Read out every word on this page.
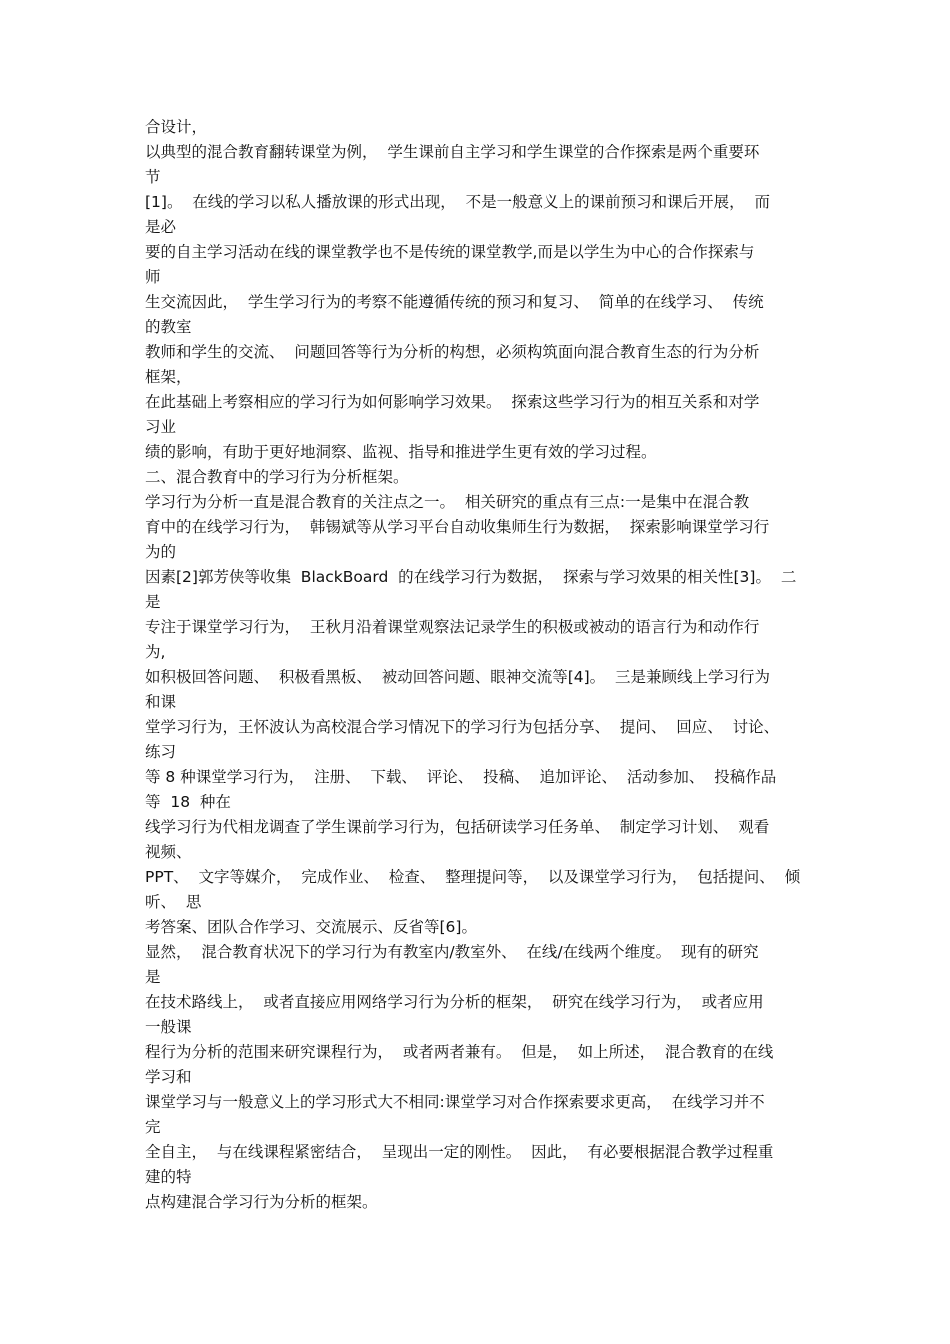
合设计，
以典型的混合教育翻转课堂为例，  学生课前自主学习和学生课堂的合作探索是两个重要环
节
[1]。  在线的学习以私人播放课的形式出现，  不是一般意义上的课前预习和课后开展，  而
是必
要的自主学习活动在线的课堂教学也不是传统的课堂教学,而是以学生为中心的合作探索与
师
生交流因此，  学生学习行为的考察不能遵循传统的预习和复习、  简单的在线学习、  传统
的教室
教师和学生的交流、  问题回答等行为分析的构想，必须构筑面向混合教育生态的行为分析
框架，
在此基础上考察相应的学习行为如何影响学习效果。  探索这些学习行为的相互关系和对学
习业
绩的影响，有助于更好地洞察、监视、指导和推进学生更有效的学习过程。
二、混合教育中的学习行为分析框架。
学习行为分析一直是混合教育的关注点之一。  相关研究的重点有三点:一是集中在混合教
育中的在线学习行为，  韩锡斌等从学习平台自动收集师生行为数据，  探索影响课堂学习行
为的
因素[2]郭芳侠等收集  BlackBoard  的在线学习行为数据，  探索与学习效果的相关性[3]。  二
是
专注于课堂学习行为，  王秋月沿着课堂观察法记录学生的积极或被动的语言行为和动作行
为,
如积极回答问题、  积极看黑板、  被动回答问题、眼神交流等[4]。  三是兼顾线上学习行为
和课
堂学习行为，王怀波认为高校混合学习情况下的学习行为包括分享、  提问、  回应、  讨论、
练习
等 8 种课堂学习行为，  注册、  下载、  评论、  投稿、  追加评论、  活动参加、  投稿作品
等  18  种在
线学习行为代相龙调查了学生课前学习行为，包括研读学习任务单、  制定学习计划、  观看
视频、
PPT、  文字等媒介，  完成作业、  检查、  整理提问等，  以及课堂学习行为，  包括提问、  倾
听、  思
考答案、团队合作学习、交流展示、反省等[6]。
显然，  混合教育状况下的学习行为有教室内/教室外、  在线/在线两个维度。  现有的研究
是
在技术路线上，  或者直接应用网络学习行为分析的框架，  研究在线学习行为，  或者应用
一般课
程行为分析的范围来研究课程行为，  或者两者兼有。  但是，  如上所述，  混合教育的在线
学习和
课堂学习与一般意义上的学习形式大不相同:课堂学习对合作探索要求更高，  在线学习并不
完
全自主，  与在线课程紧密结合，  呈现出一定的刚性。  因此，  有必要根据混合教学过程重
建的特
点构建混合学习行为分析的框架。
